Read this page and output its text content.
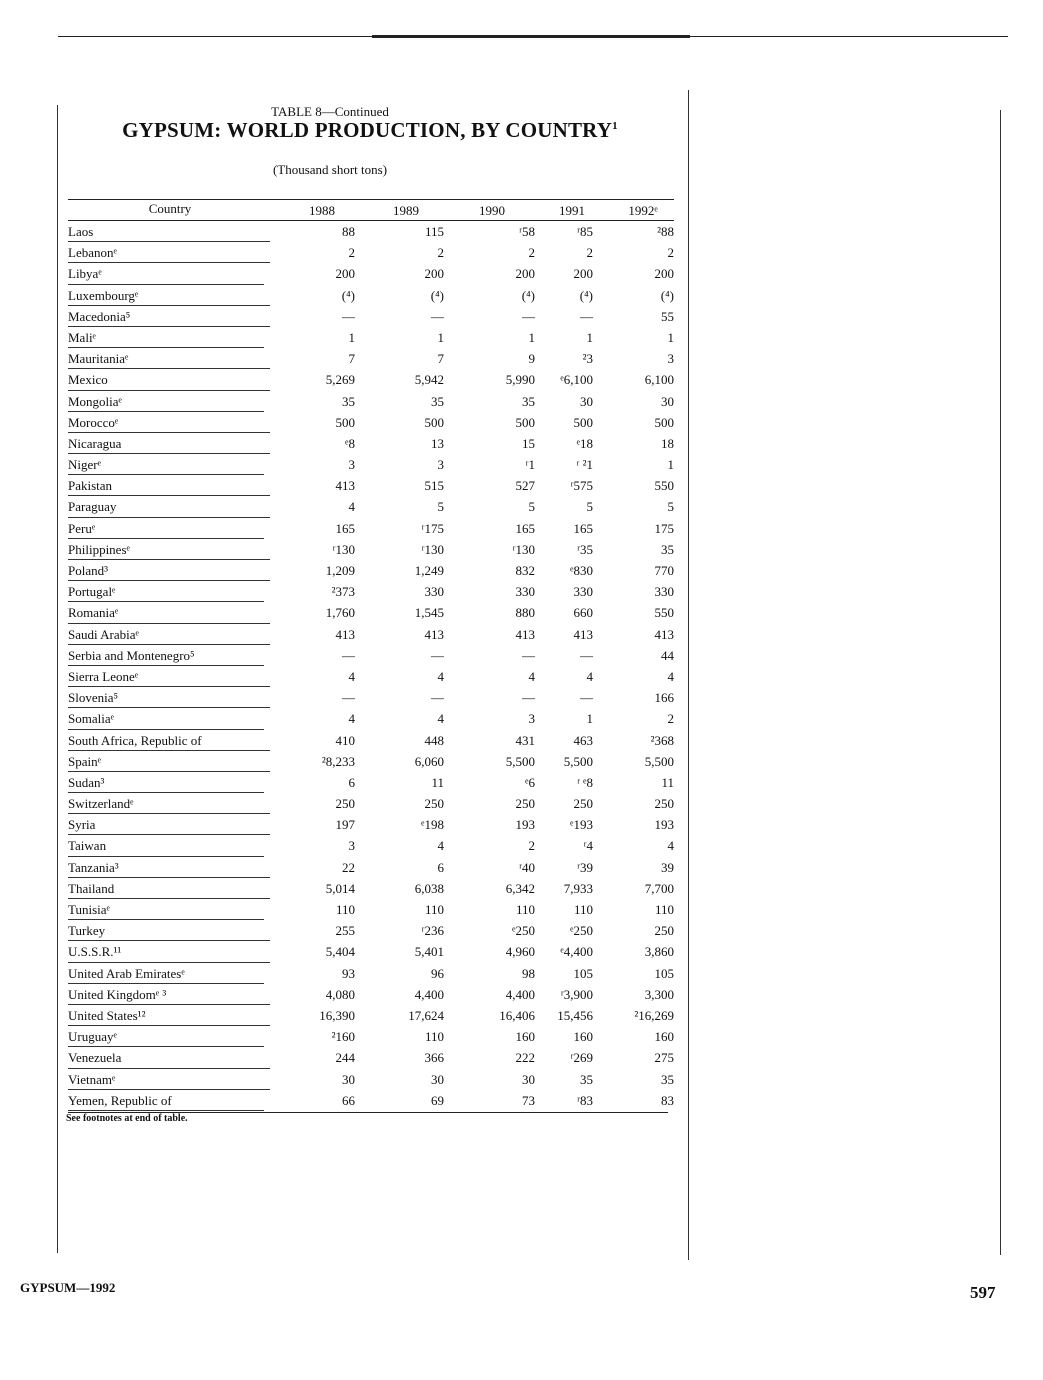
TABLE 8—Continued
GYPSUM: WORLD PRODUCTION, BY COUNTRY$^1$
(Thousand short tons)
Country	1988	1989	1990	1991	1992ᵉ
Laos	88	115	ʳ58	ʳ85	²88
Lebanonᵉ	2	2	2	2	2
Libyaᵉ	200	200	200	200	200
Luxembourgᵉ	(⁴)	(⁴)	(⁴)	(⁴)	(⁴)
Macedonia⁵	—	—	—	—	55
Maliᵉ	1	1	1	1	1
Mauritaniaᵉ	7	7	9	²3	3
Mexico	5,269	5,942	5,990	ᵉ6,100	6,100
Mongoliaᵉ	35	35	35	30	30
Moroccoᵉ	500	500	500	500	500
Nicaragua	ᵉ8	13	15	ᵉ18	18
Nigerᵉ	3	3	ʳ1	ʳ ²1	1
Pakistan	413	515	527	ʳ575	550
Paraguay	4	5	5	5	5
Peruᵉ	165	ʳ175	165	165	175
Philippinesᵉ	ʳ130	ʳ130	ʳ130	ʳ35	35
Poland³	1,209	1,249	832	ᵉ830	770
Portugalᵉ	²373	330	330	330	330
Romaniaᵉ	1,760	1,545	880	660	550
Saudi Arabiaᵉ	413	413	413	413	413
Serbia and Montenegro⁵	—	—	—	—	44
Sierra Leoneᵉ	4	4	4	4	4
Slovenia⁵	—	—	—	—	166
Somaliaᵉ	4	4	3	1	2
South Africa, Republic of	410	448	431	463	²368
Spainᵉ	²8,233	6,060	5,500	5,500	5,500
Sudan³	6	11	ᵉ6	ʳ ᵉ8	11
Switzerlandᵉ	250	250	250	250	250
Syria	197	ᵉ198	193	ᵉ193	193
Taiwan	3	4	2	ʳ4	4
Tanzania³	22	6	ʳ40	ʳ39	39
Thailand	5,014	6,038	6,342	7,933	7,700
Tunisiaᵉ	110	110	110	110	110
Turkey	255	ʳ236	ᵉ250	ᵉ250	250
U.S.S.R.¹¹	5,404	5,401	4,960	ᵉ4,400	3,860
United Arab Emiratesᵉ	93	96	98	105	105
United Kingdomᵉ ³	4,080	4,400	4,400	ʳ3,900	3,300
United States¹²	16,390	17,624	16,406	15,456	²16,269
Uruguayᵉ	²160	110	160	160	160
Venezuela	244	366	222	ʳ269	275
Vietnamᵉ	30	30	30	35	35
Yemen, Republic of	66	69	73	ʳ83	83
See footnotes at end of table.
GYPSUM—1992	597
